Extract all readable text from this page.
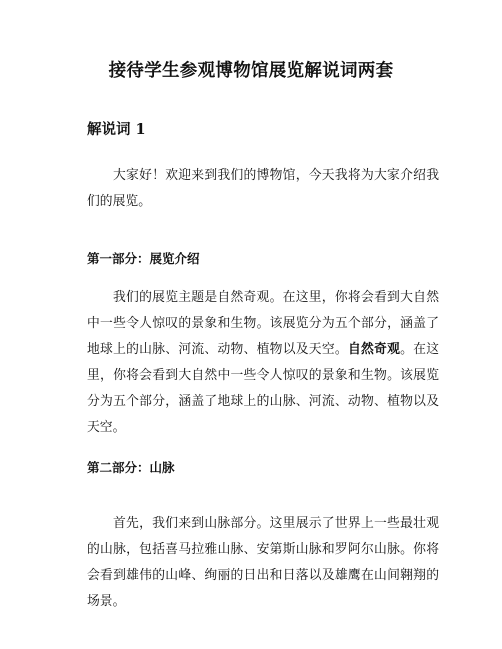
接待学生参观博物馆展览解说词两套
解说词 1

大家好！欢迎来到我们的博物馆，今天我将为大家介绍我们的展览。

第一部分：展览介绍

我们的展览主题是自然奇观。在这里，你将会看到大自然中一些令人惊叹的景象和生物。该展览分为五个部分，涵盖了地球上的山脉、河流、动物、植物以及天空。自然奇观。在这里，你将会看到大自然中一些令人惊叹的景象和生物。该展览分为五个部分，涵盖了地球上的山脉、河流、动物、植物以及天空。

第二部分：山脉

首先，我们来到山脉部分。这里展示了世界上一些最壮观的山脉，包括喜马拉雅山脉、安第斯山脉和罗阿尔山脉。你将会看到雄伟的山峰、绚丽的日出和日落以及雄鹰在山间翱翔的场景。
